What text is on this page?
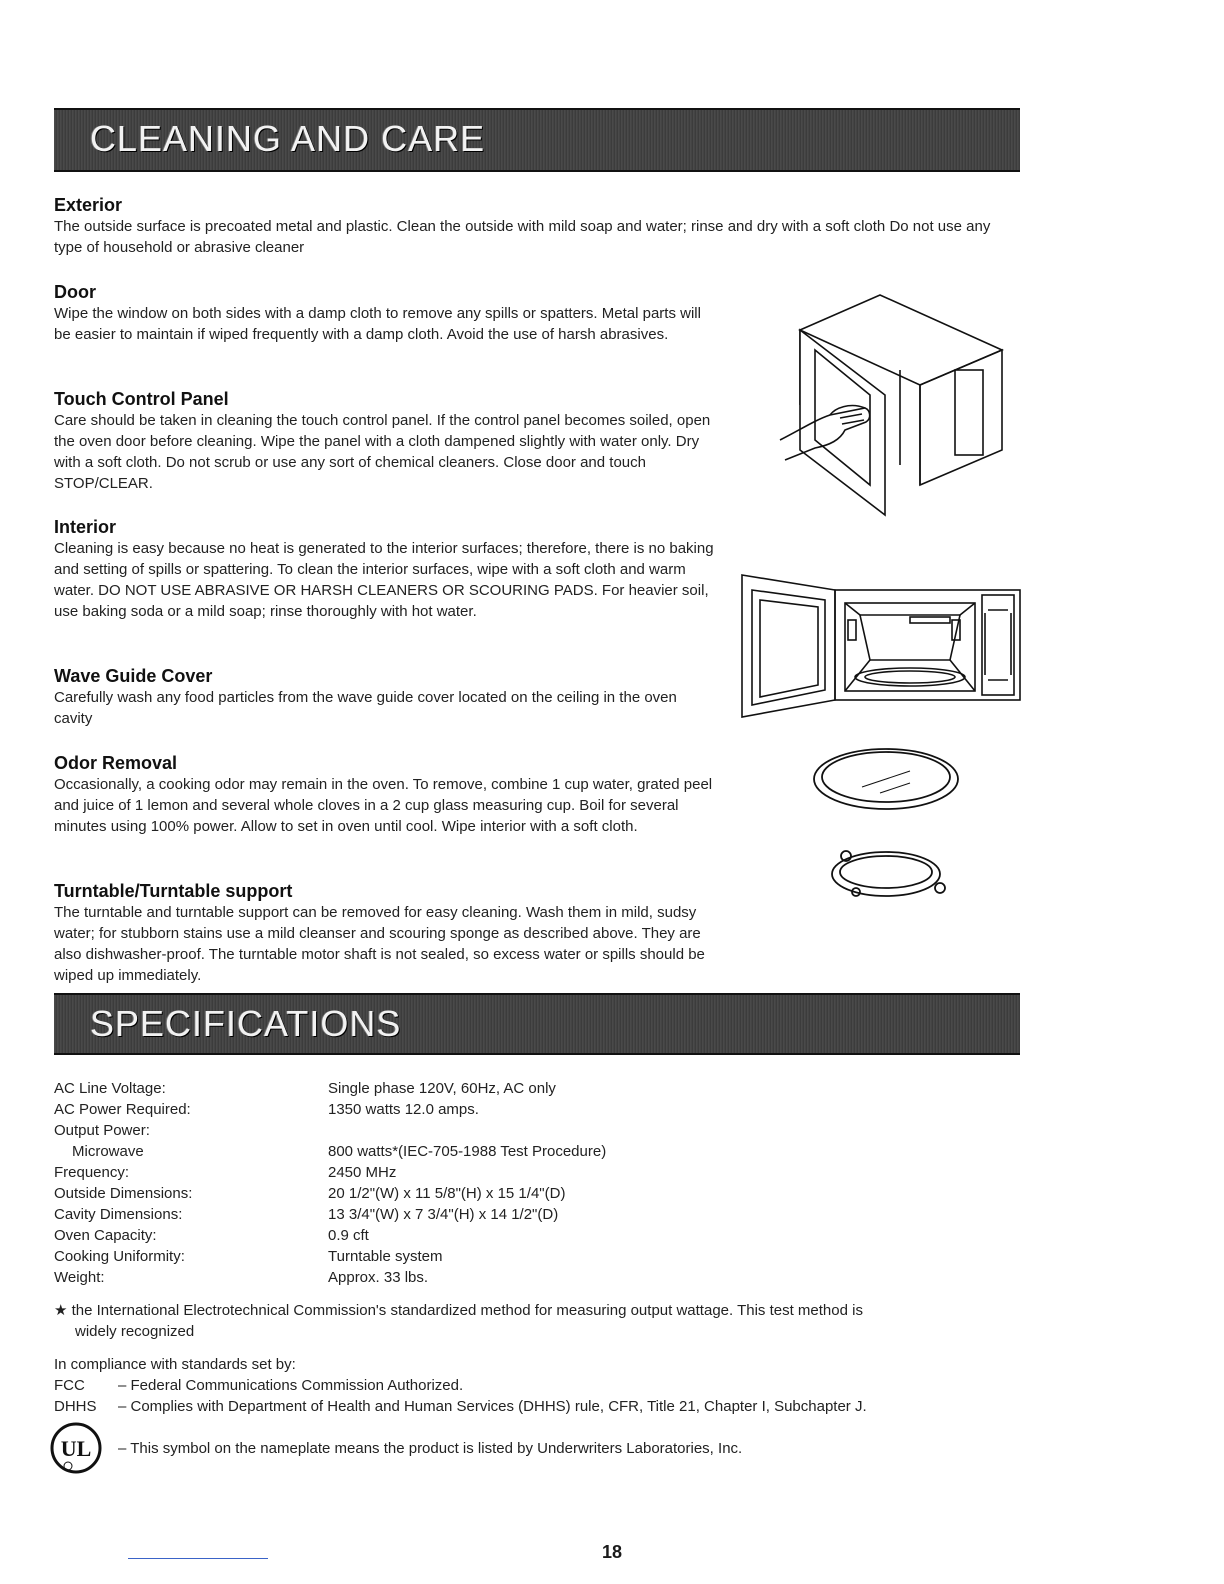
CLEANING AND CARE
Exterior

The outside surface is precoated metal and plastic. Clean the outside with mild soap and water; rinse and dry with a soft cloth Do not use any type of household or abrasive cleaner

Door

Wipe the window on both sides with a damp cloth to remove any spills or spatters. Metal parts will be easier to maintain if wiped frequently with a damp cloth. Avoid the use of harsh abrasives.

Touch Control Panel

Care should be taken in cleaning the touch control panel. If the control panel becomes soiled, open the oven door before cleaning. Wipe the panel with a cloth dampened slightly with water only. Dry with a soft cloth. Do not scrub or use any sort of chemical cleaners. Close door and touch STOP/CLEAR.

Interior

Cleaning is easy because no heat is generated to the interior surfaces; therefore, there is no baking and setting of spills or spattering. To clean the interior surfaces, wipe with a soft cloth and warm water. DO NOT USE ABRASIVE OR HARSH CLEANERS OR SCOURING PADS. For heavier soil, use baking soda or a mild soap; rinse thoroughly with hot water.

Wave Guide Cover

Carefully wash any food particles from the wave guide cover located on the ceiling in the oven cavity

Odor Removal

Occasionally, a cooking odor may remain in the oven. To remove, combine 1 cup water, grated peel and juice of 1 lemon and several whole cloves in a 2 cup glass measuring cup. Boil for several minutes using 100% power. Allow to set in oven until cool. Wipe interior with a soft cloth.

Turntable/Turntable support

The turntable and turntable support can be removed for easy cleaning. Wash them in mild, sudsy water; for stubborn stains use a mild cleanser and scouring sponge as described above. They are also dishwasher-proof. The turntable motor shaft is not sealed, so excess water or spills should be wiped up immediately.

SPECIFICATIONS
AC Line Voltage:	Single phase 120V, 60Hz, AC only
AC Power Required:	1350 watts 12.0 amps.
Output Power:
Microwave	800 watts*(IEC-705-1988 Test Procedure)
Frequency:	2450 MHz
Outside Dimensions:	20 1/2"(W) x 11 5/8"(H) x 15 1/4"(D)
Cavity Dimensions:	13 3/4"(W) x 7 3/4"(H) x 14 1/2"(D)
Oven Capacity:	0.9 cft
Cooking Uniformity:	Turntable system
Weight:	Approx. 33 lbs.
★ the International Electrotechnical Commission's standardized method for measuring output wattage. This test method is
widely recognized
In compliance with standards set by:
FCC – Federal Communications Commission Authorized.
DHHS – Complies with Department of Health and Human Services (DHHS) rule, CFR, Title 21, Chapter I, Subchapter J.
UL – This symbol on the nameplate means the product is listed by Underwriters Laboratories, Inc.
18
